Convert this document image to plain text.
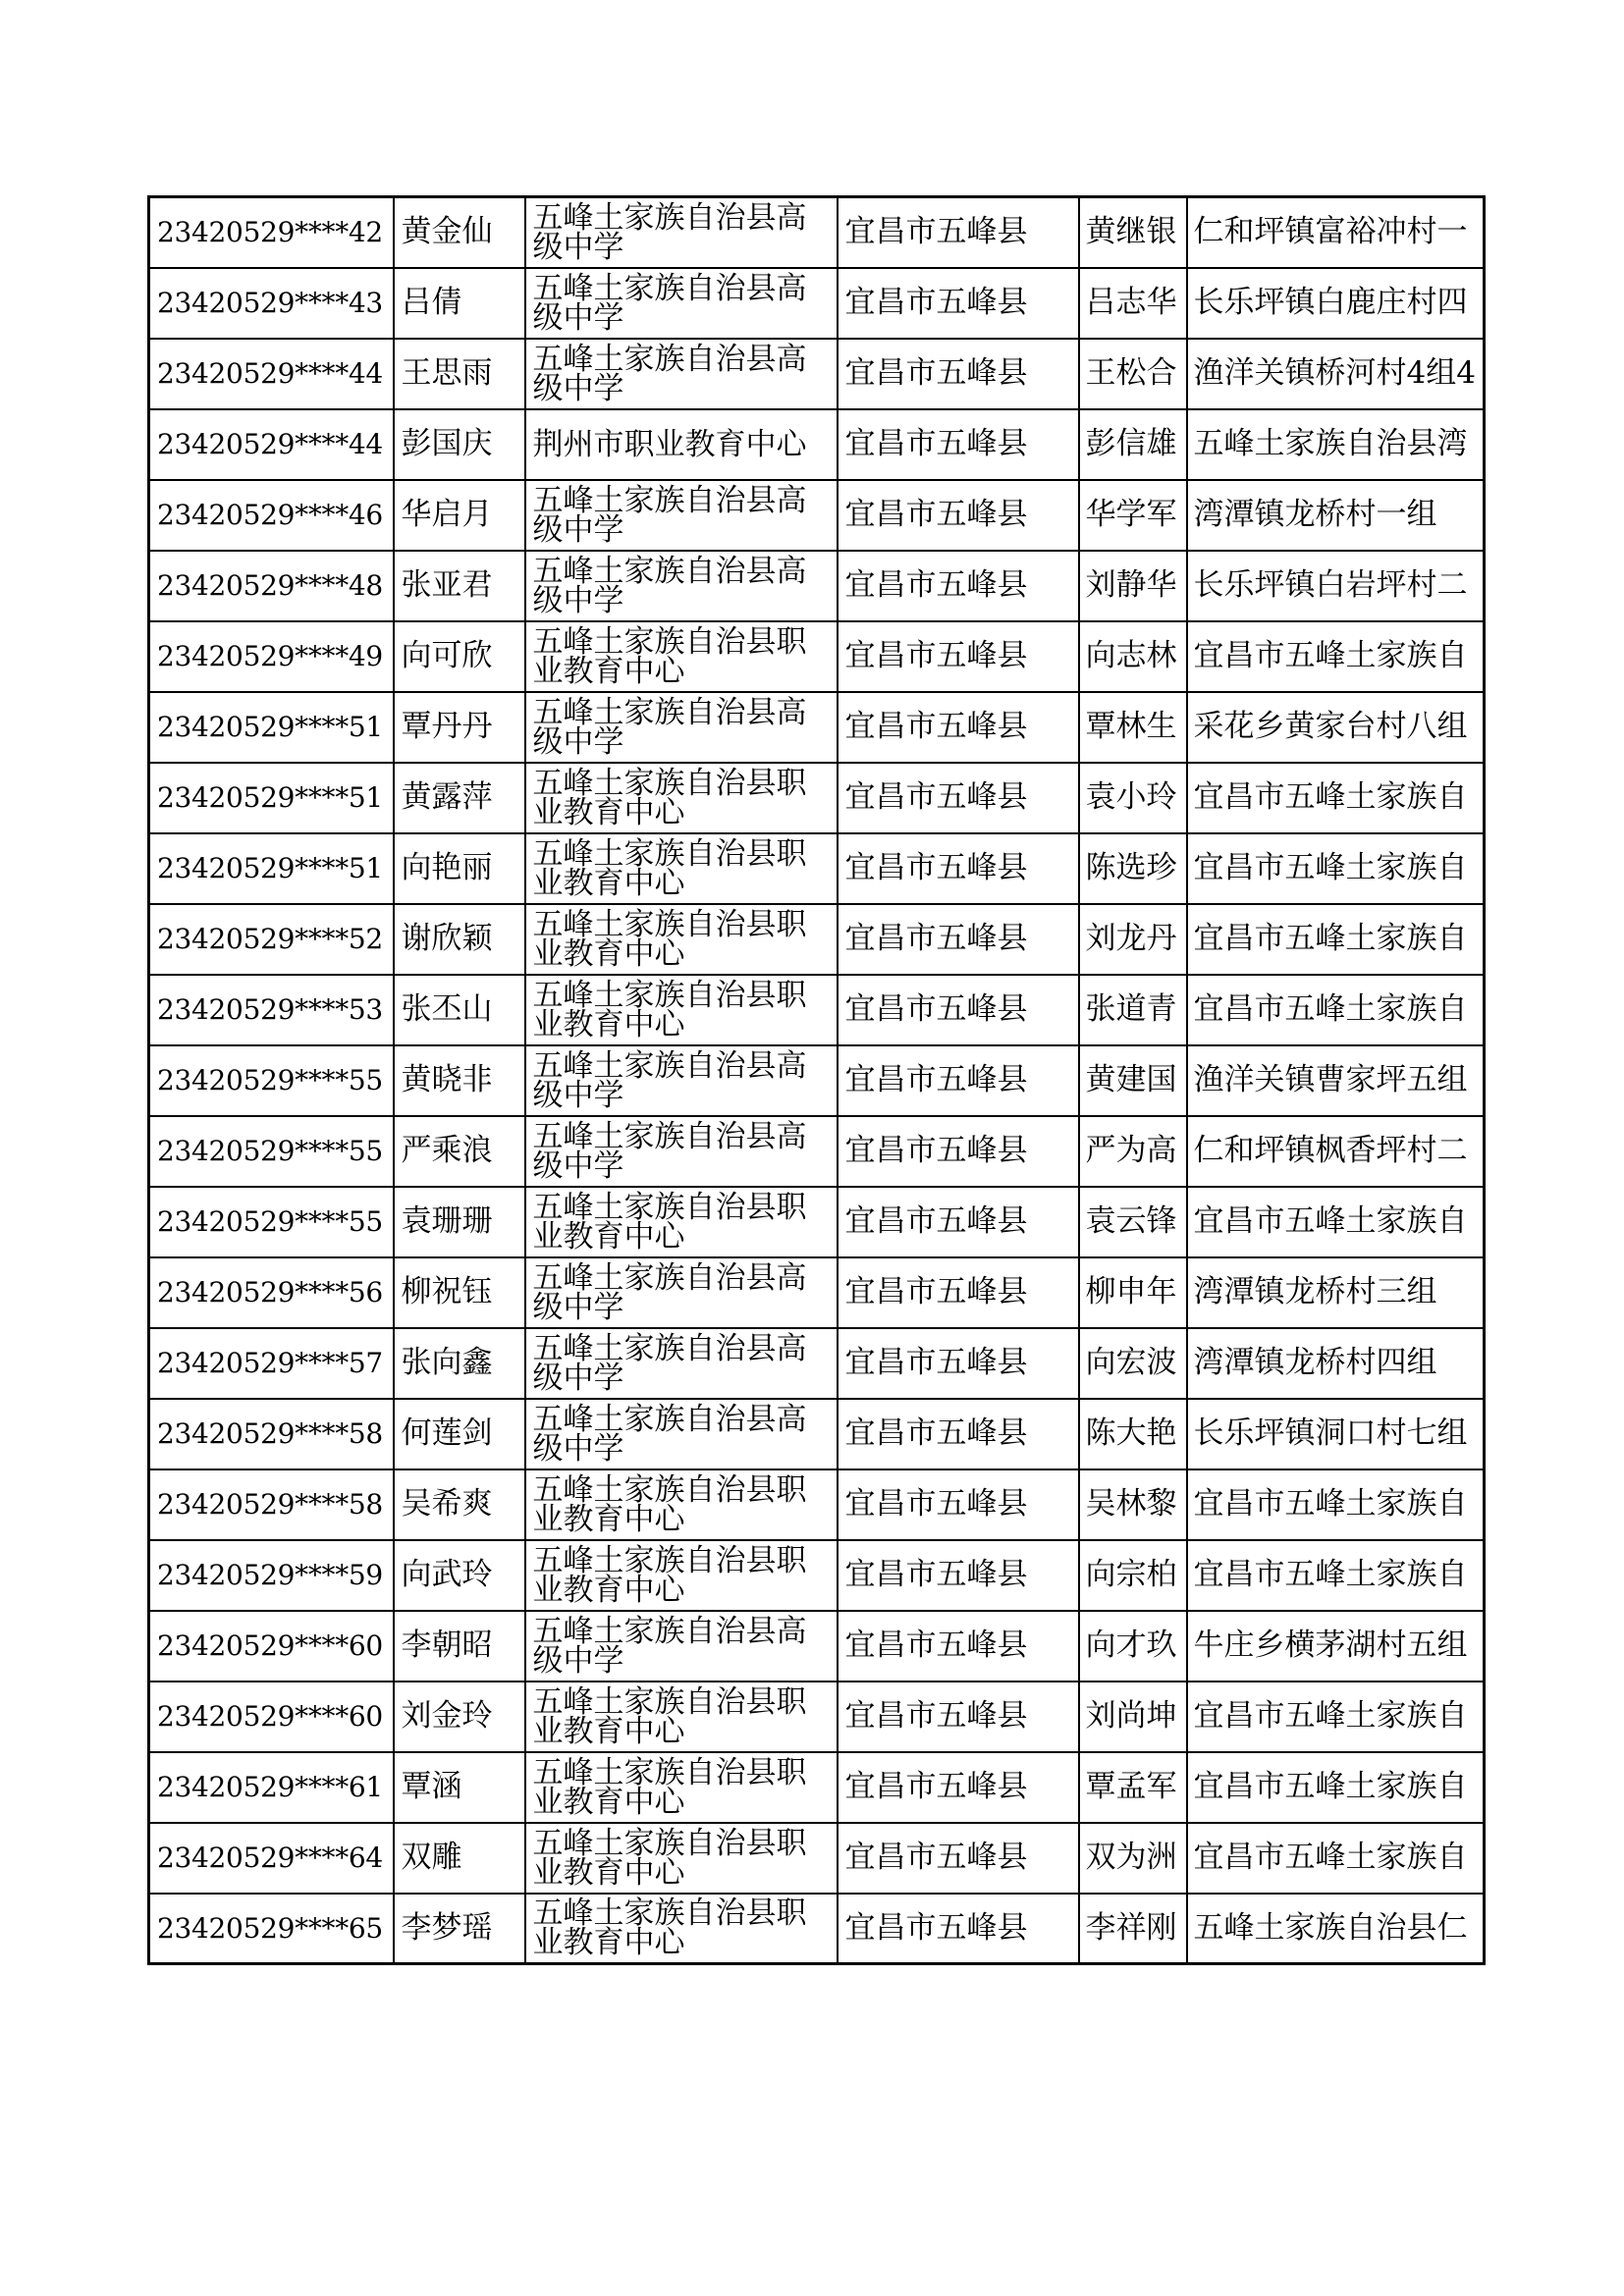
23420529****42	黄金仙	五峰土家族自治县高级中学	宜昌市五峰县	黄继银	仁和坪镇富裕冲村一
23420529****43	吕倩	五峰土家族自治县高级中学	宜昌市五峰县	吕志华	长乐坪镇白鹿庄村四
23420529****44	王思雨	五峰土家族自治县高级中学	宜昌市五峰县	王松合	渔洋关镇桥河村4组4
23420529****44	彭国庆	荆州市职业教育中心	宜昌市五峰县	彭信雄	五峰土家族自治县湾
23420529****46	华启月	五峰土家族自治县高级中学	宜昌市五峰县	华学军	湾潭镇龙桥村一组
23420529****48	张亚君	五峰土家族自治县高级中学	宜昌市五峰县	刘静华	长乐坪镇白岩坪村二
23420529****49	向可欣	五峰土家族自治县职业教育中心	宜昌市五峰县	向志林	宜昌市五峰土家族自
23420529****51	覃丹丹	五峰土家族自治县高级中学	宜昌市五峰县	覃林生	采花乡黄家台村八组
23420529****51	黄露萍	五峰土家族自治县职业教育中心	宜昌市五峰县	袁小玲	宜昌市五峰土家族自
23420529****51	向艳丽	五峰土家族自治县职业教育中心	宜昌市五峰县	陈选珍	宜昌市五峰土家族自
23420529****52	谢欣颖	五峰土家族自治县职业教育中心	宜昌市五峰县	刘龙丹	宜昌市五峰土家族自
23420529****53	张丕山	五峰土家族自治县职业教育中心	宜昌市五峰县	张道青	宜昌市五峰土家族自
23420529****55	黄晓非	五峰土家族自治县高级中学	宜昌市五峰县	黄建国	渔洋关镇曹家坪五组
23420529****55	严乘浪	五峰土家族自治县高级中学	宜昌市五峰县	严为高	仁和坪镇枫香坪村二
23420529****55	袁珊珊	五峰土家族自治县职业教育中心	宜昌市五峰县	袁云锋	宜昌市五峰土家族自
23420529****56	柳祝钰	五峰土家族自治县高级中学	宜昌市五峰县	柳申年	湾潭镇龙桥村三组
23420529****57	张向鑫	五峰土家族自治县高级中学	宜昌市五峰县	向宏波	湾潭镇龙桥村四组
23420529****58	何莲剑	五峰土家族自治县高级中学	宜昌市五峰县	陈大艳	长乐坪镇洞口村七组
23420529****58	吴希爽	五峰土家族自治县职业教育中心	宜昌市五峰县	吴林黎	宜昌市五峰土家族自
23420529****59	向武玲	五峰土家族自治县职业教育中心	宜昌市五峰县	向宗柏	宜昌市五峰土家族自
23420529****60	李朝昭	五峰土家族自治县高级中学	宜昌市五峰县	向才玖	牛庄乡横茅湖村五组
23420529****60	刘金玲	五峰土家族自治县职业教育中心	宜昌市五峰县	刘尚坤	宜昌市五峰土家族自
23420529****61	覃涵	五峰土家族自治县职业教育中心	宜昌市五峰县	覃孟军	宜昌市五峰土家族自
23420529****64	双雕	五峰土家族自治县职业教育中心	宜昌市五峰县	双为洲	宜昌市五峰土家族自
23420529****65	李梦瑶	五峰土家族自治县职业教育中心	宜昌市五峰县	李祥刚	五峰土家族自治县仁
